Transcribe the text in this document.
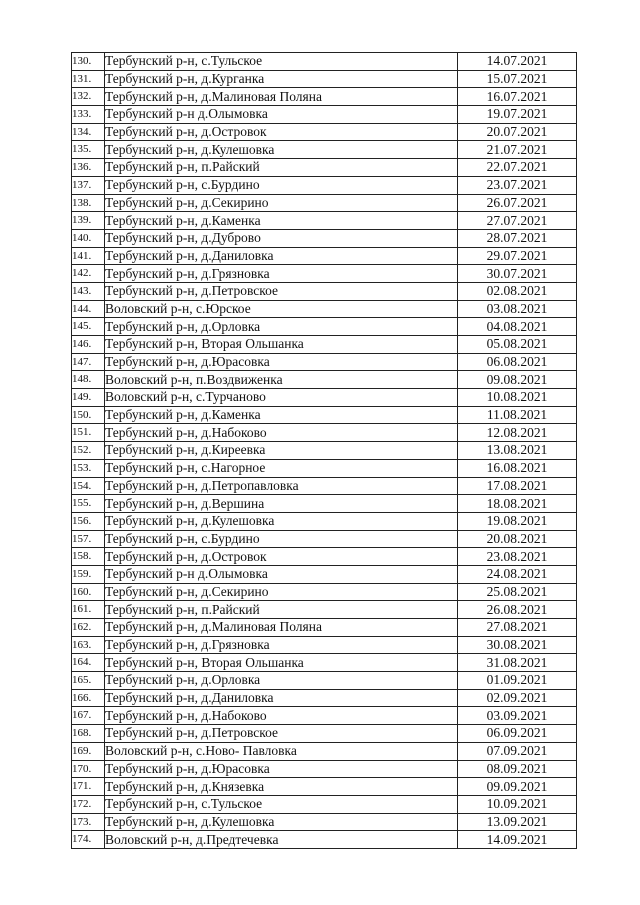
130.	Тербунский р-н, с.Тульское	14.07.2021
131.	Тербунский р-н, д.Курганка	15.07.2021
132.	Тербунский р-н, д.Малиновая Поляна	16.07.2021
133.	Тербунский р-н д.Олымовка	19.07.2021
134.	Тербунский р-н, д.Островок	20.07.2021
135.	Тербунский р-н, д.Кулешовка	21.07.2021
136.	Тербунский р-н, п.Райский	22.07.2021
137.	Тербунский р-н, с.Бурдино	23.07.2021
138.	Тербунский р-н, д.Секирино	26.07.2021
139.	Тербунский р-н, д.Каменка	27.07.2021
140.	Тербунский р-н, д.Дуброво	28.07.2021
141.	Тербунский р-н, д.Даниловка	29.07.2021
142.	Тербунский р-н, д.Грязновка	30.07.2021
143.	Тербунский р-н, д.Петровское	02.08.2021
144.	Воловский р-н, с.Юрское	03.08.2021
145.	Тербунский р-н, д.Орловка	04.08.2021
146.	Тербунский р-н, Вторая Ольшанка	05.08.2021
147.	Тербунский р-н, д.Юрасовка	06.08.2021
148.	Воловский р-н, п.Воздвиженка	09.08.2021
149.	Воловский р-н, с.Турчаново	10.08.2021
150.	Тербунский р-н, д.Каменка	11.08.2021
151.	Тербунский р-н, д.Набоково	12.08.2021
152.	Тербунский р-н, д.Киреевка	13.08.2021
153.	Тербунский р-н, с.Нагорное	16.08.2021
154.	Тербунский р-н, д.Петропавловка	17.08.2021
155.	Тербунский р-н, д.Вершина	18.08.2021
156.	Тербунский р-н, д.Кулешовка	19.08.2021
157.	Тербунский р-н, с.Бурдино	20.08.2021
158.	Тербунский р-н, д.Островок	23.08.2021
159.	Тербунский р-н д.Олымовка	24.08.2021
160.	Тербунский р-н, д.Секирино	25.08.2021
161.	Тербунский р-н, п.Райский	26.08.2021
162.	Тербунский р-н, д.Малиновая Поляна	27.08.2021
163.	Тербунский р-н, д.Грязновка	30.08.2021
164.	Тербунский р-н, Вторая Ольшанка	31.08.2021
165.	Тербунский р-н, д.Орловка	01.09.2021
166.	Тербунский р-н, д.Даниловка	02.09.2021
167.	Тербунский р-н, д.Набоково	03.09.2021
168.	Тербунский р-н, д.Петровское	06.09.2021
169.	Воловский р-н, с.Ново- Павловка	07.09.2021
170.	Тербунский р-н, д.Юрасовка	08.09.2021
171.	Тербунский р-н, д.Князевка	09.09.2021
172.	Тербунский р-н, с.Тульское	10.09.2021
173.	Тербунский р-н, д.Кулешовка	13.09.2021
174.	Воловский р-н, д.Предтечевка	14.09.2021
